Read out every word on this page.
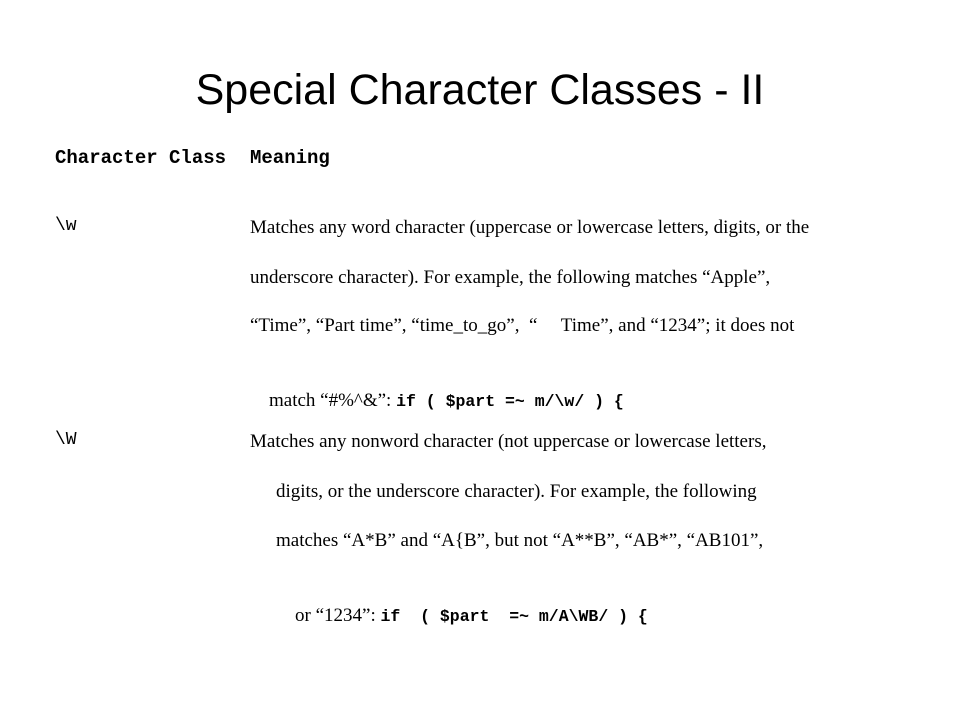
Special Character Classes - II
Character Class Meaning
\w	Matches any word character (uppercase or lowercase letters, digits, or the
underscore character). For example, the following matches “Apple”,
“Time”, “Part time”, “time_to_go”,  “     Time”, and “1234”; it does not

match “#%^&”: if ( $part =~ m/\w/ ) {

\W	Matches any nonword character (not uppercase or lowercase letters,
digits, or the underscore character). For example, the following
matches “A*B” and “A{B”, but not “A**B”, “AB*”, “AB101”,

or “1234”: if  ( $part  =~ m/A\WB/ ) {
